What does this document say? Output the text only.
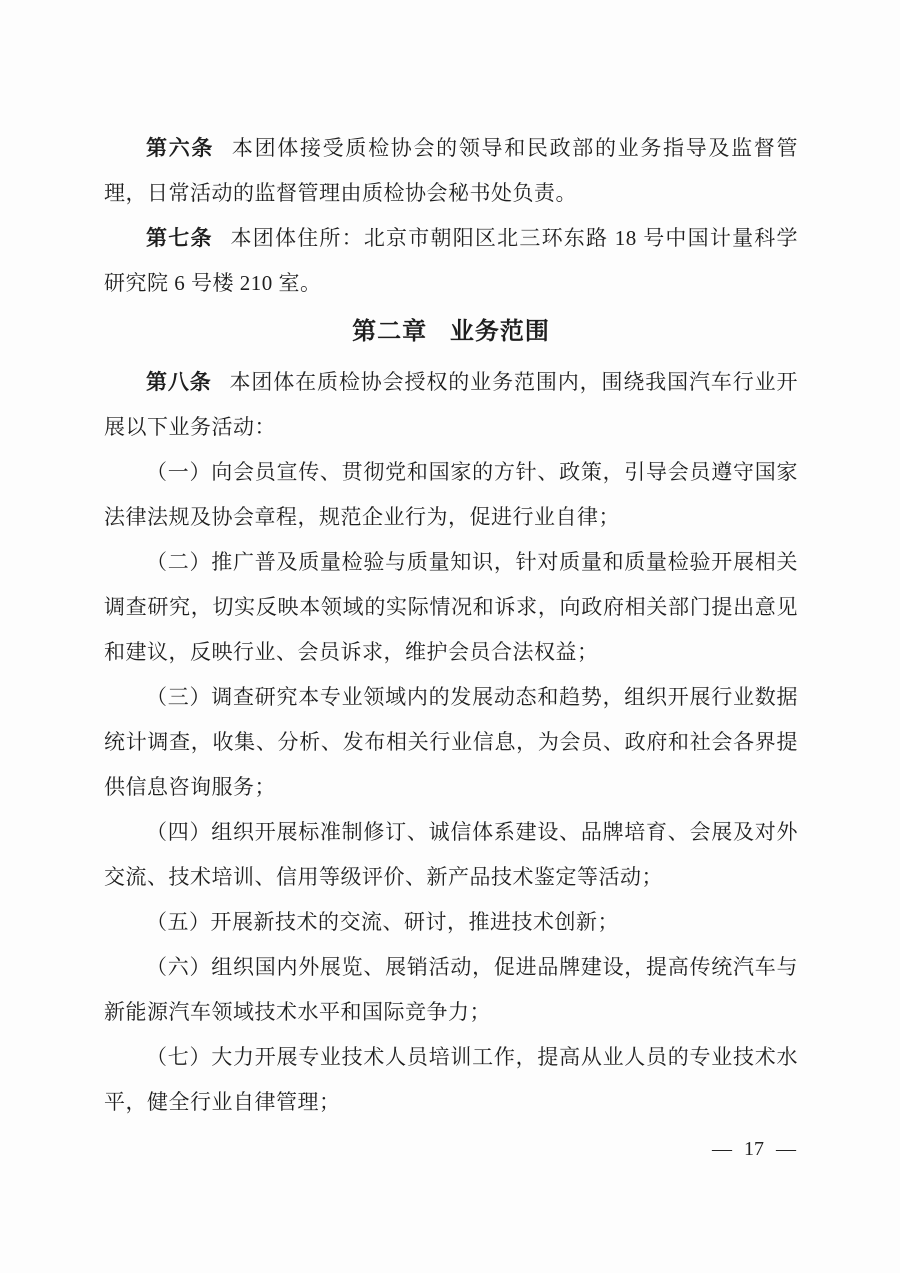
第六条 本团体接受质检协会的领导和民政部的业务指导及监督管理，日常活动的监督管理由质检协会秘书处负责。

第七条 本团体住所：北京市朝阳区北三环东路 18 号中国计量科学研究院 6 号楼 210 室。

第二章 业务范围

第八条 本团体在质检协会授权的业务范围内，围绕我国汽车行业开展以下业务活动：

（一）向会员宣传、贯彻党和国家的方针、政策，引导会员遵守国家法律法规及协会章程，规范企业行为，促进行业自律；

（二）推广普及质量检验与质量知识，针对质量和质量检验开展相关调查研究，切实反映本领域的实际情况和诉求，向政府相关部门提出意见和建议，反映行业、会员诉求，维护会员合法权益；

（三）调查研究本专业领域内的发展动态和趋势，组织开展行业数据统计调查，收集、分析、发布相关行业信息，为会员、政府和社会各界提供信息咨询服务；

（四）组织开展标准制修订、诚信体系建设、品牌培育、会展及对外交流、技术培训、信用等级评价、新产品技术鉴定等活动；

（五）开展新技术的交流、研讨，推进技术创新；

（六）组织国内外展览、展销活动，促进品牌建设，提高传统汽车与新能源汽车领域技术水平和国际竞争力；

（七）大力开展专业技术人员培训工作，提高从业人员的专业技术水平，健全行业自律管理；

— 17 —
